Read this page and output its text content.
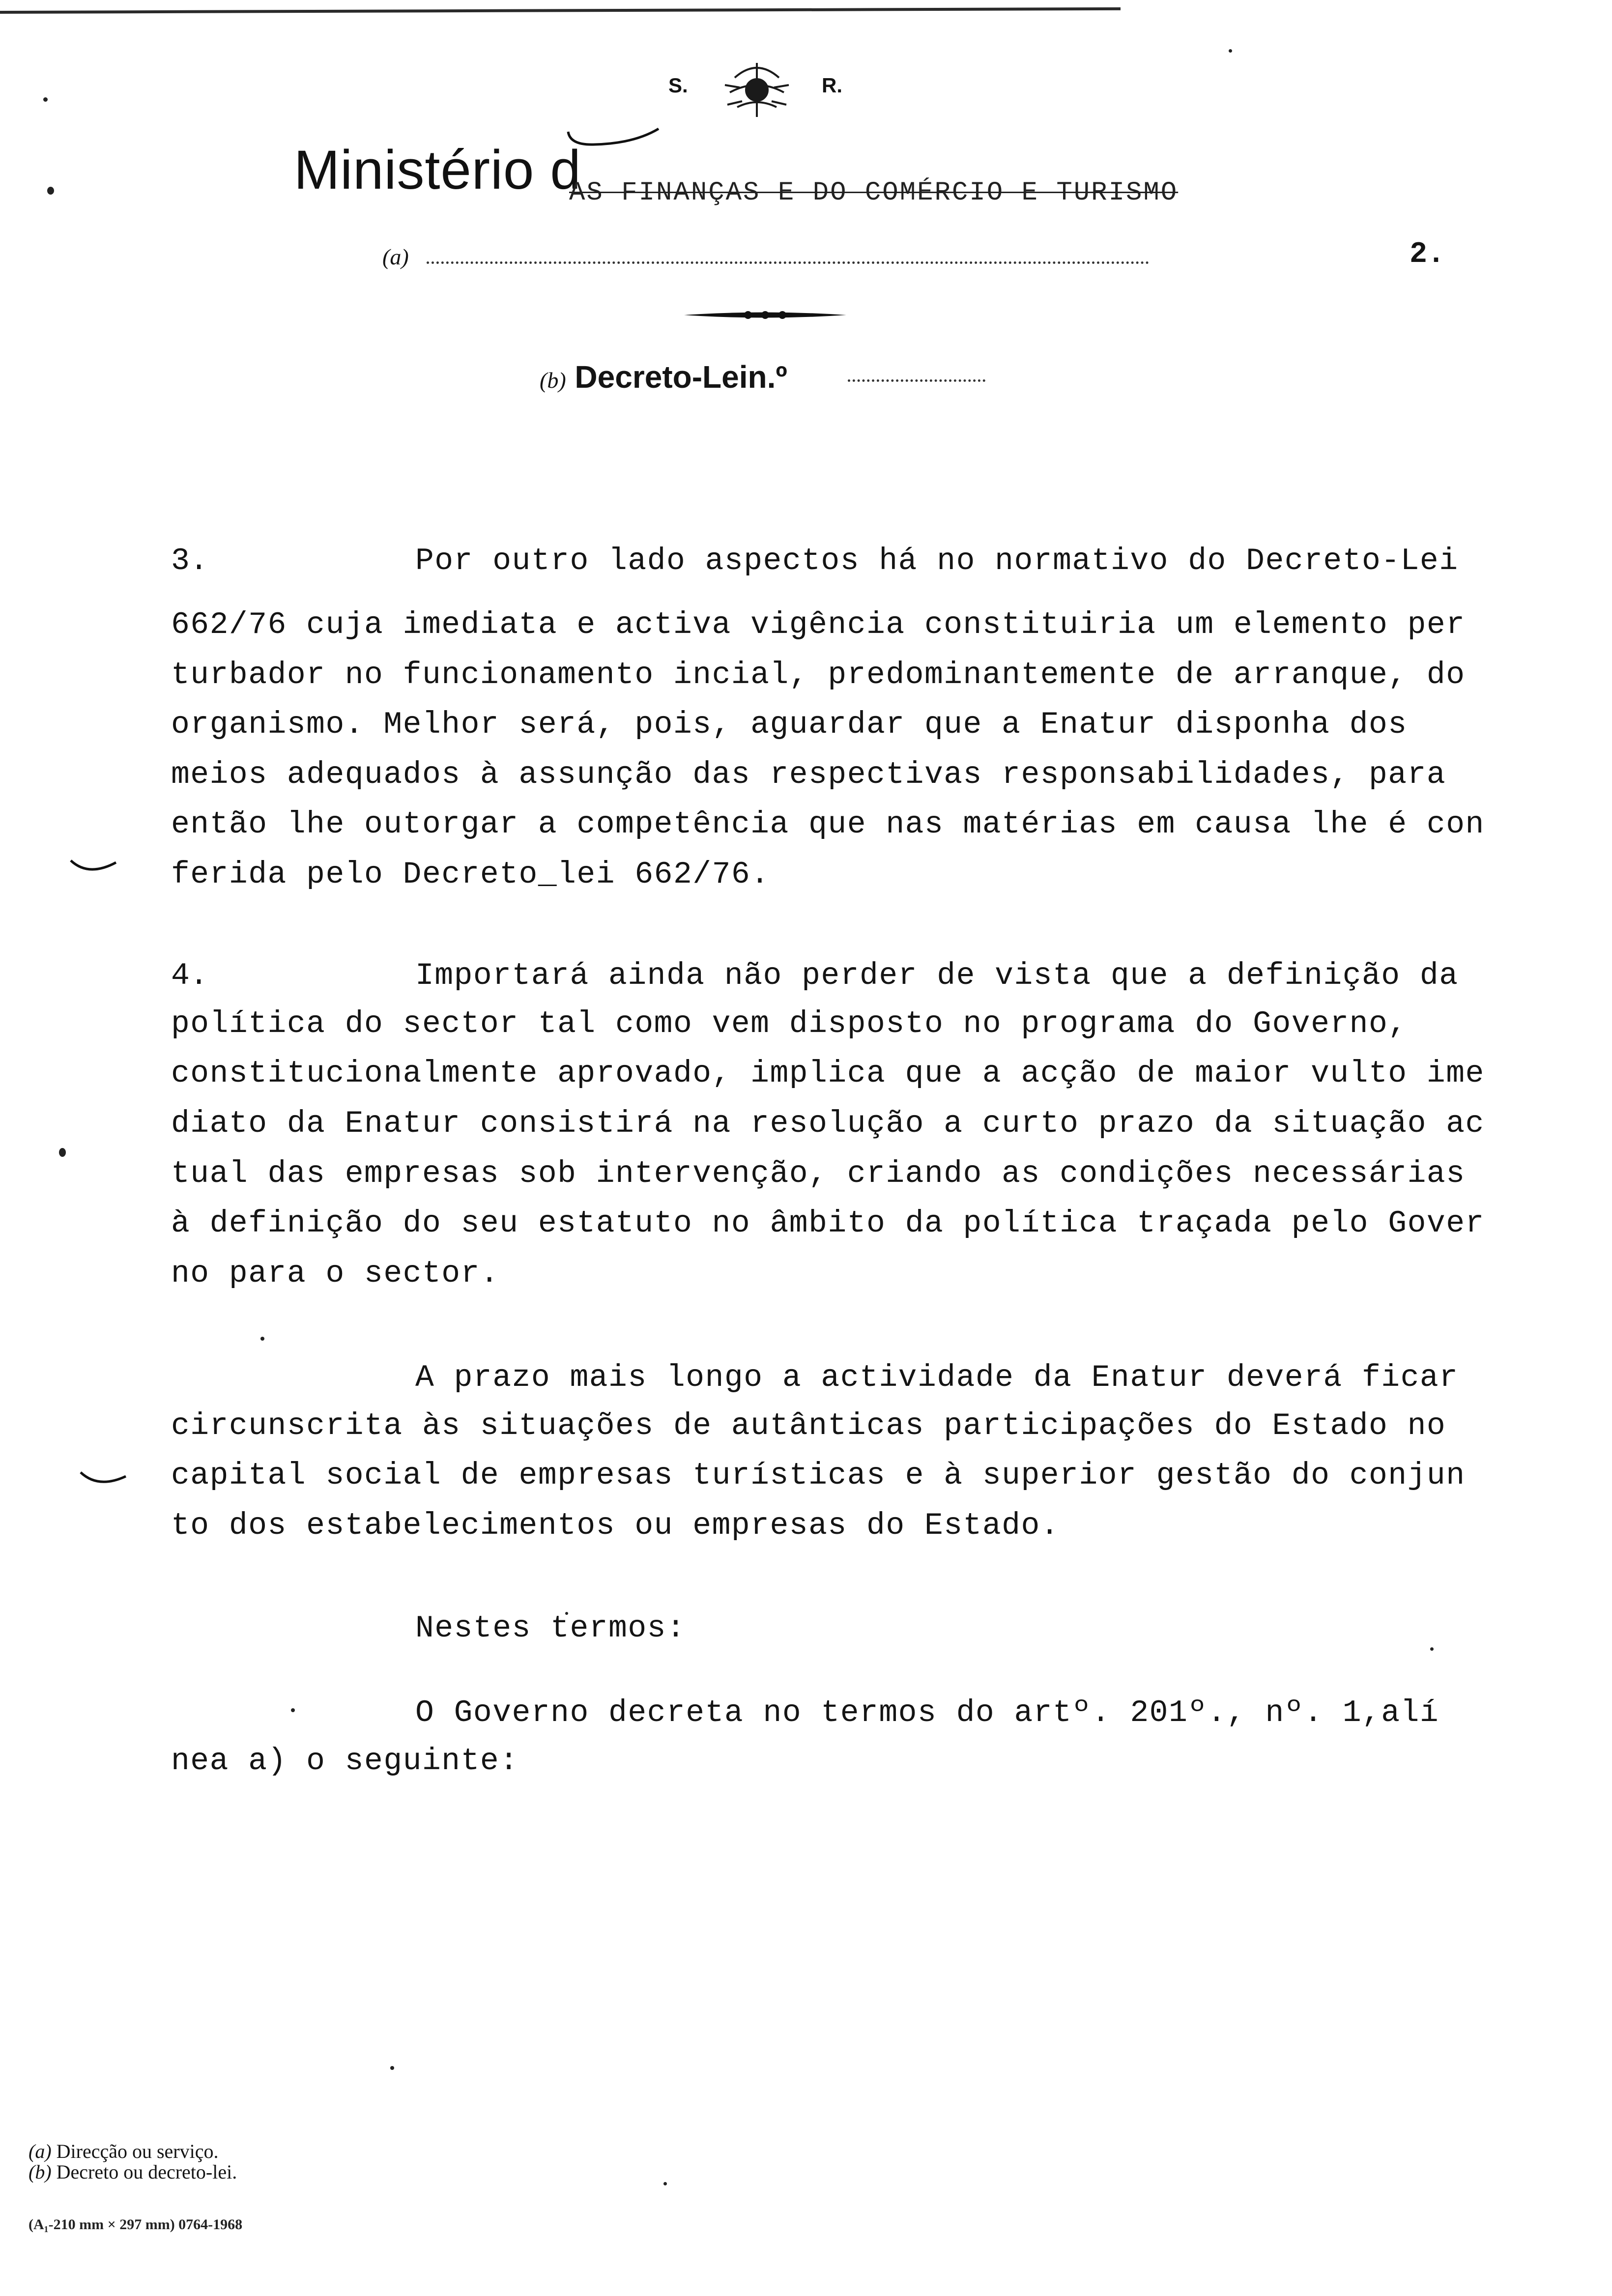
S.	R.
Ministério d
AS FINANÇAS E DO COMÉRCIO E TURISMO
(a)	2.
(b) Decreto-Lein.º
3.	Por outro lado aspectos há no normativo do Decreto-Lei
662/76 cuja imediata e activa vigência constituiria um elemento per
turbador no funcionamento incial, predominantemente de arranque, do
organismo. Melhor será, pois, aguardar que a Enatur disponha dos
meios adequados à assunção das respectivas responsabilidades, para
então lhe outorgar a competência que nas matérias em causa lhe é con
ferida pelo Decreto_lei 662/76.
4.	Importará ainda não perder de vista que a definição da
política do sector tal como vem disposto no programa do Governo,
constitucionalmente aprovado, implica que a acção de maior vulto ime
diato da Enatur consistirá na resolução a curto prazo da situação ac
tual das empresas sob intervenção, criando as condições necessárias
à definição do seu estatuto no âmbito da política traçada pelo Gover
no para o sector.
A prazo mais longo a actividade da Enatur deverá ficar
circunscrita às situações de autânticas participações do Estado no
capital social de empresas turísticas e à superior gestão do conjun
to dos estabelecimentos ou empresas do Estado.
Nestes termos:
O Governo decreta no termos do artº. 201º., nº. 1,alí
nea a) o seguinte:
(a) Direcção ou serviço.
(b) Decreto ou decreto-lei.
(A₁-210 mm × 297 mm) 0764-1968
